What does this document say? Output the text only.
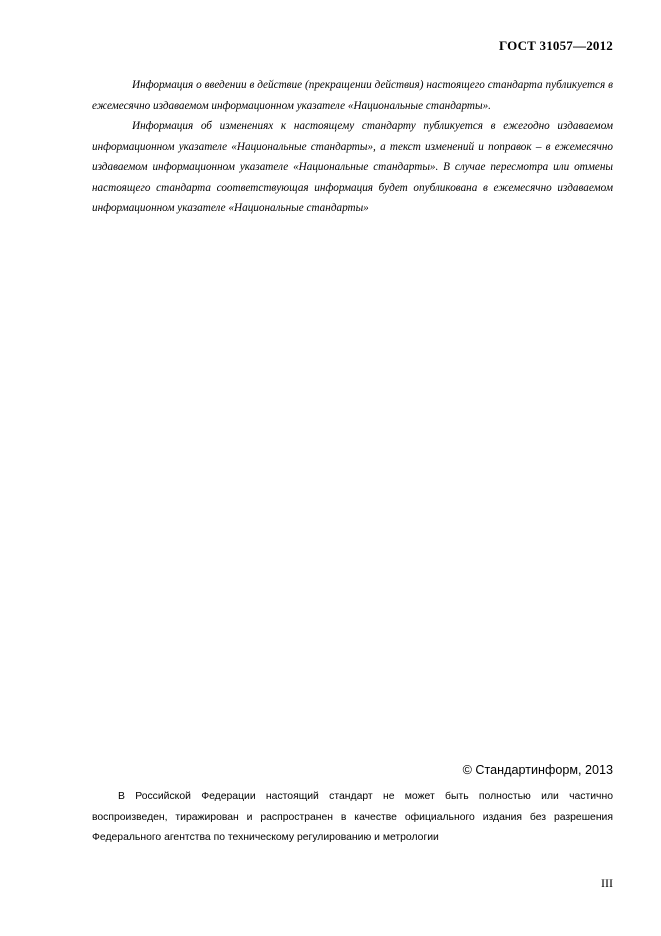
ГОСТ 31057—2012

Информация о введении в действие (прекращении действия) настоящего стандарта публикуется в ежемесячно издаваемом информационном указателе «Национальные стандарты».

Информация об изменениях к настоящему стандарту публикуется в ежегодно издаваемом информационном указателе «Национальные стандарты», а текст изменений и поправок – в ежемесячно издаваемом информационном указателе «Национальные стандарты». В случае пересмотра или отмены настоящего стандарта соответствующая информация будет опубликована в ежемесячно издаваемом информационном указателе «Национальные стандарты»

© Стандартинформ, 2013

В Российской Федерации настоящий стандарт не может быть полностью или частично воспроизведен, тиражирован и распространен в качестве официального издания без разрешения Федерального агентства по техническому регулированию и метрологии

III
